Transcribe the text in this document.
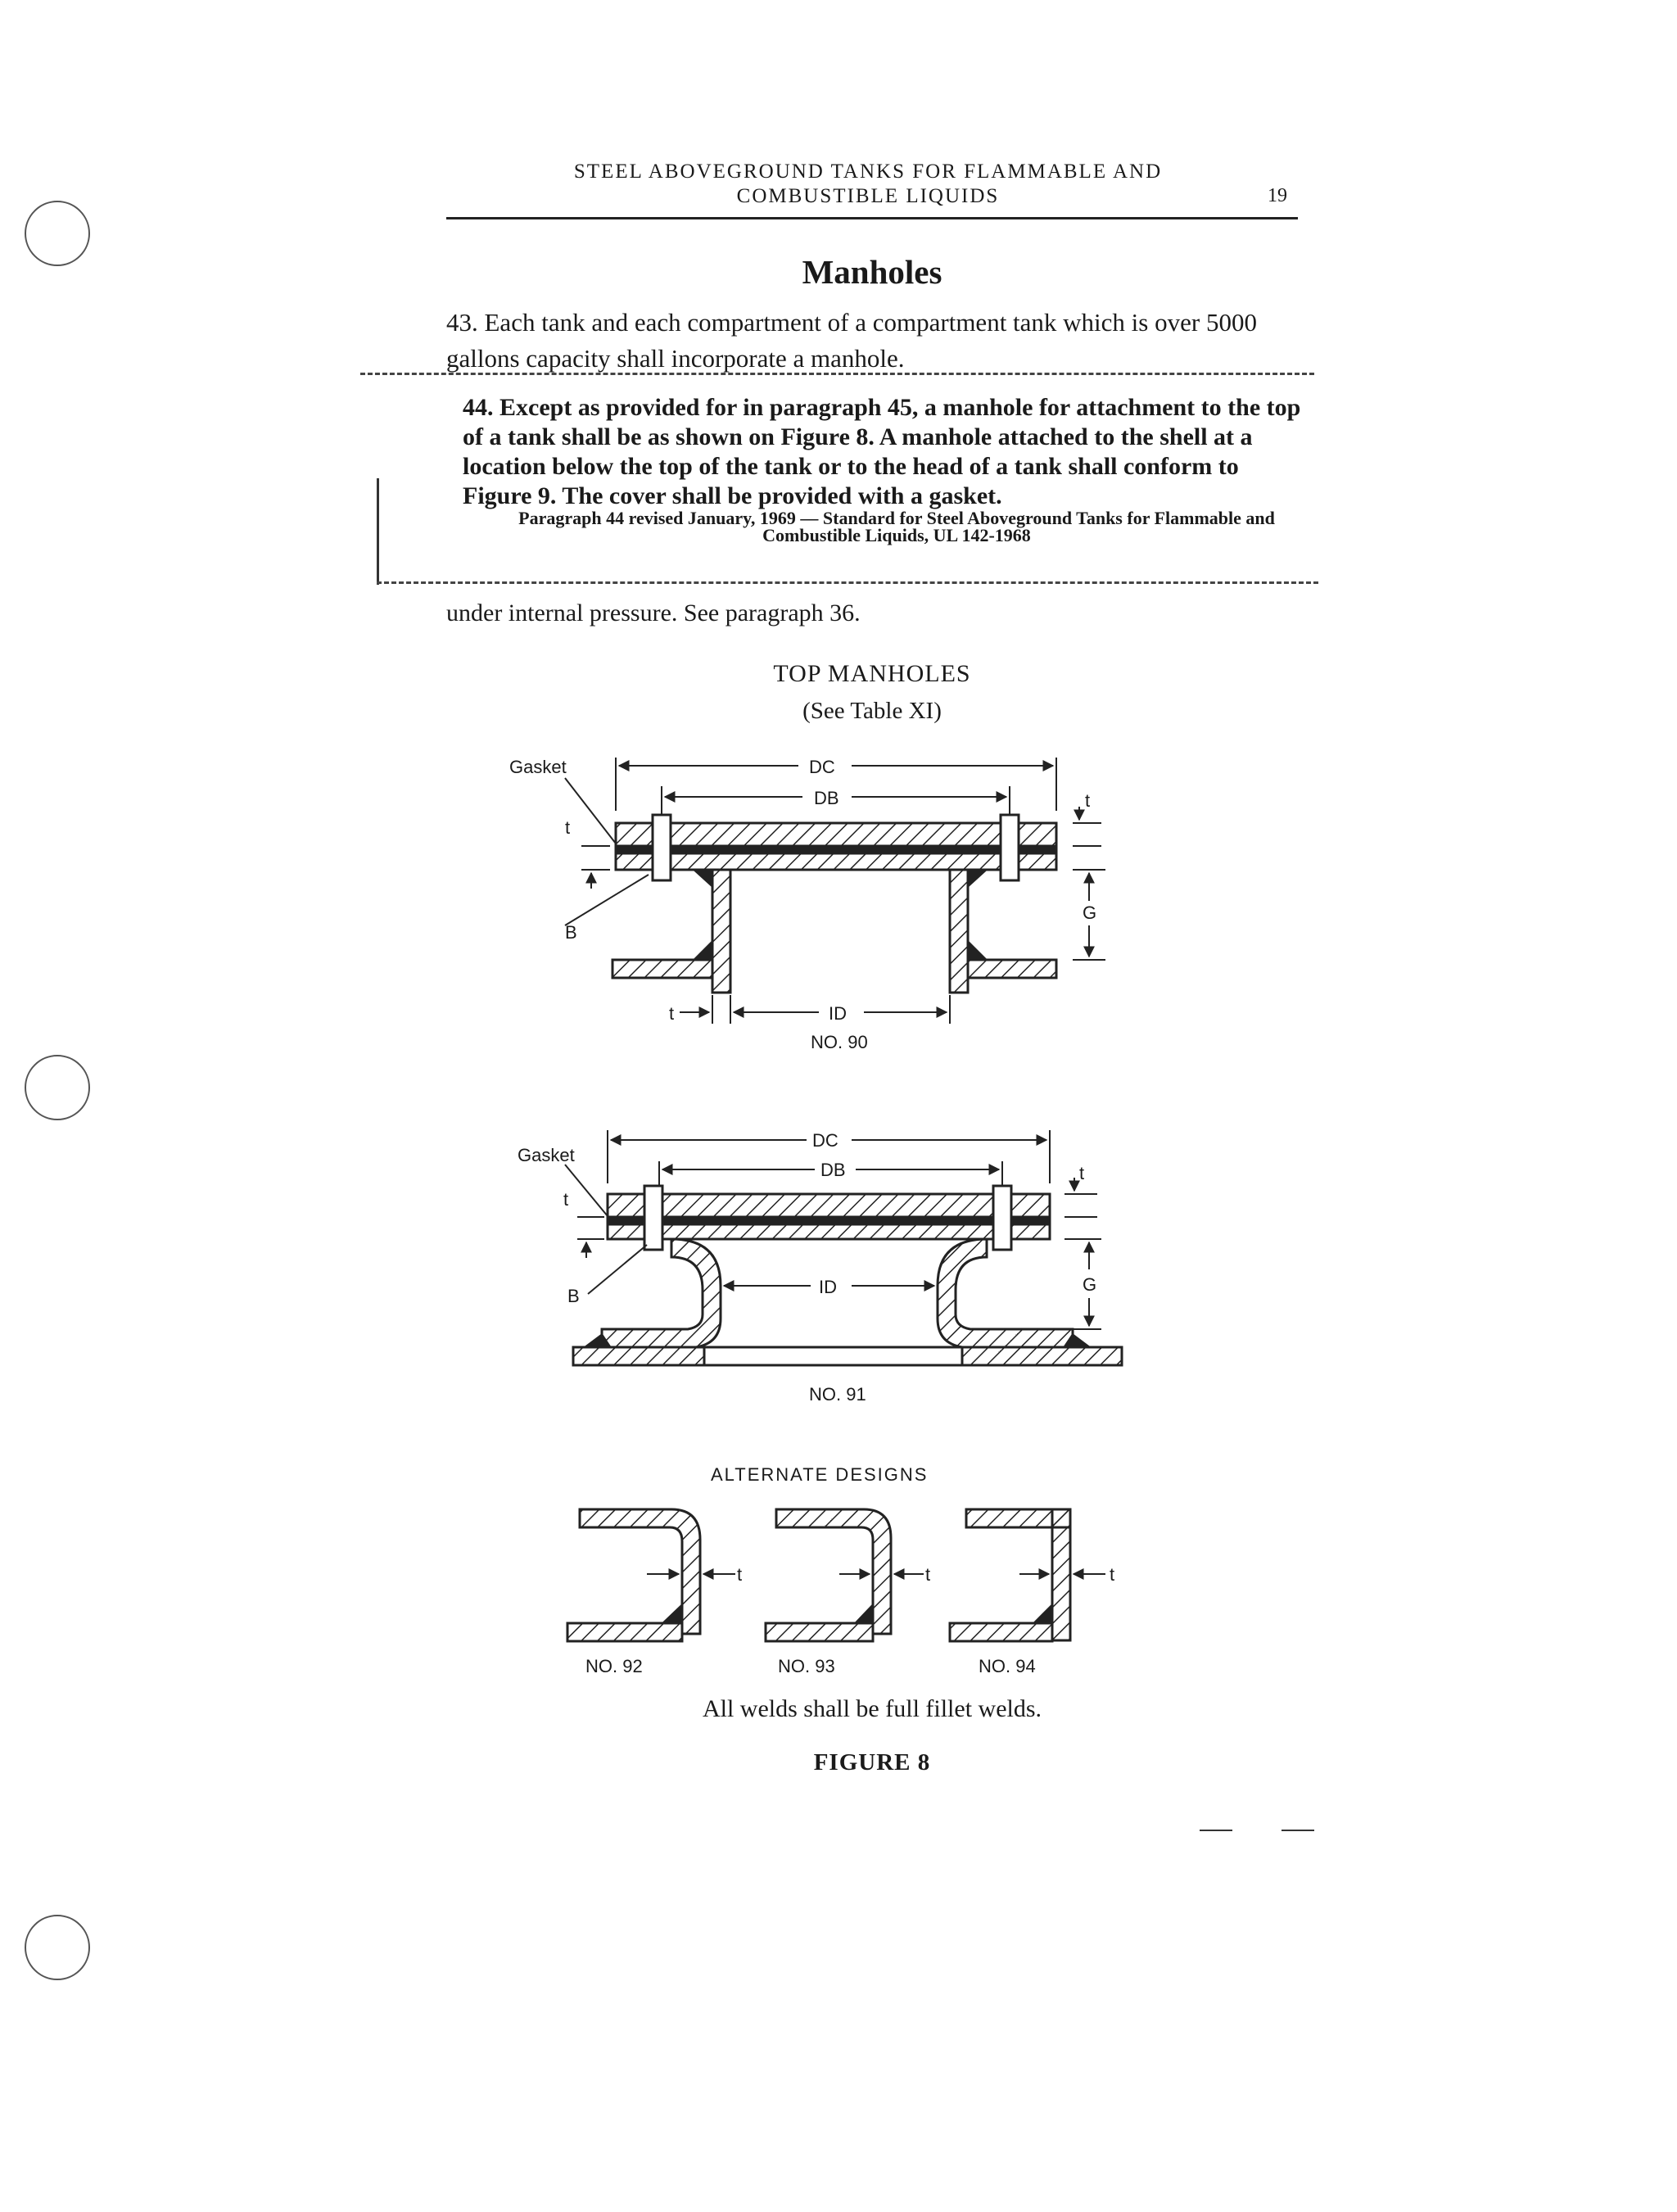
STEEL ABOVEGROUND TANKS FOR FLAMMABLE AND
COMBUSTIBLE LIQUIDS	19
Manholes
43. Each tank and each compartment of a compartment tank which is over 5000 gallons capacity shall incorporate a manhole.
44. Except as provided for in paragraph 45, a manhole for attachment to the top of a tank shall be as shown on Figure 8. A manhole attached to the shell at a location below the top of the tank or to the head of a tank shall conform to Figure 9. The cover shall be provided with a gasket.
Paragraph 44 revised January, 1969 — Standard for Steel Aboveground Tanks for Flammable and Combustible Liquids, UL 142-1968
under internal pressure. See paragraph 36.
TOP MANHOLES
(See Table XI)
Gasket	DC
DB
t
t
G
B
ID
t
NO. 90
Gasket
DC
DB
t
t
G
B	ID
NO. 91
ALTERNATE DESIGNS
t
NO. 92
t
NO. 93
t
NO. 94
All welds shall be full fillet welds.
FIGURE 8
